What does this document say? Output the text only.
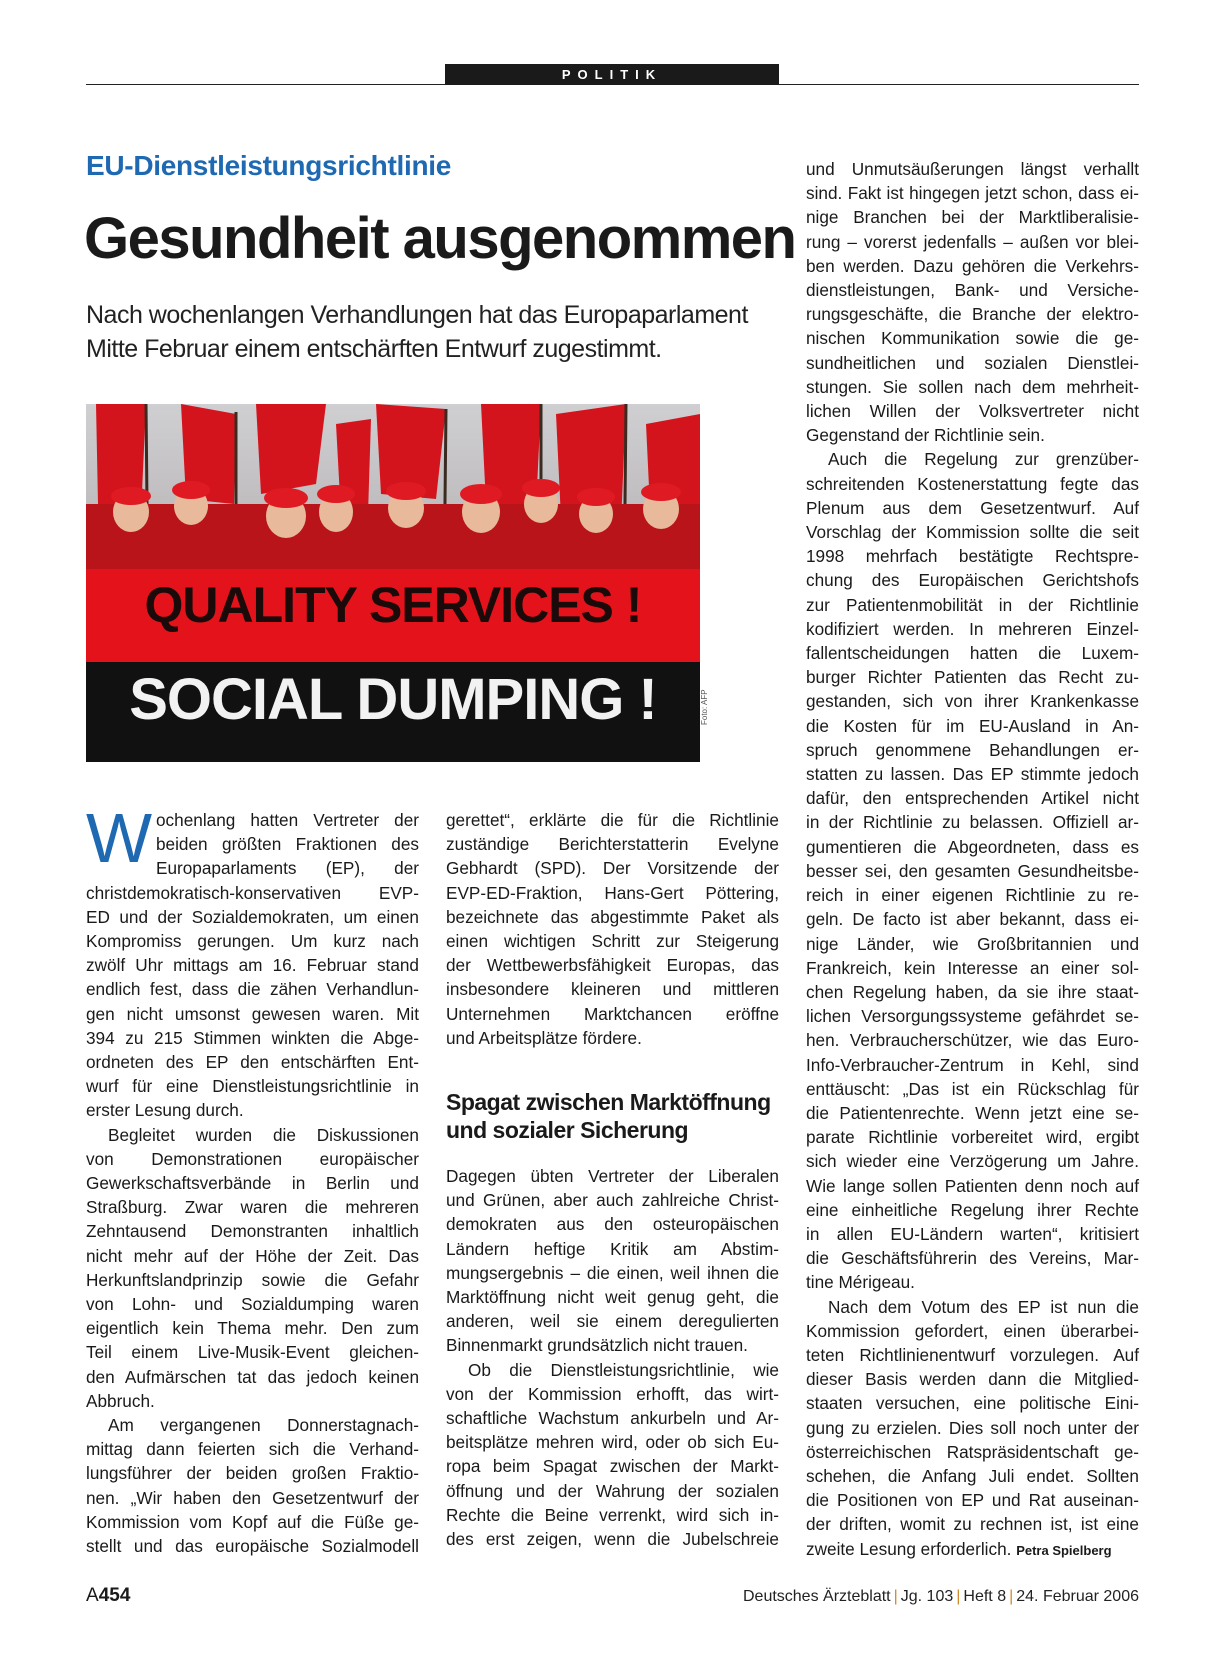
POLITIK
EU-Dienstleistungsrichtlinie
Gesundheit ausgenommen
Nach wochenlangen Verhandlungen hat das Europaparlament
Mitte Februar einem entschärften Entwurf zugestimmt.
QUALITY SERVICES !
SOCIAL DUMPING !	Foto: AFP
W ochenlang hatten Vertreter der
beiden größten Fraktionen des
Europaparlaments (EP), der
christdemokratisch-konservativen EVP-
ED und der Sozialdemokraten, um einen
Kompromiss gerungen. Um kurz nach
zwölf Uhr mittags am 16. Februar stand
endlich fest, dass die zähen Verhandlun-
gen nicht umsonst gewesen waren. Mit
394 zu 215 Stimmen winkten die Abge-
ordneten des EP den entschärften Ent-
wurf für eine Dienstleistungsrichtlinie in
erster Lesung durch.
Begleitet wurden die Diskussionen
von Demonstrationen europäischer
Gewerkschaftsverbände in Berlin und
Straßburg. Zwar waren die mehreren
Zehntausend Demonstranten inhaltlich
nicht mehr auf der Höhe der Zeit. Das
Herkunftslandprinzip sowie die Gefahr
von Lohn- und Sozialdumping waren
eigentlich kein Thema mehr. Den zum
Teil einem Live-Musik-Event gleichen-
den Aufmärschen tat das jedoch keinen
Abbruch.
Am vergangenen Donnerstagnach-
mittag dann feierten sich die Verhand-
lungsführer der beiden großen Fraktio-
nen. „Wir haben den Gesetzentwurf der
Kommission vom Kopf auf die Füße ge-
stellt und das europäische Sozialmodell
gerettet“, erklärte die für die Richtlinie
zuständige Berichterstatterin Evelyne
Gebhardt (SPD). Der Vorsitzende der
EVP-ED-Fraktion, Hans-Gert Pöttering,
bezeichnete das abgestimmte Paket als
einen wichtigen Schritt zur Steigerung
der Wettbewerbsfähigkeit Europas, das
insbesondere kleineren und mittleren
Unternehmen Marktchancen eröffne
und Arbeitsplätze fördere.
Spagat zwischen Marktöffnung
und sozialer Sicherung
Dagegen übten Vertreter der Liberalen
und Grünen, aber auch zahlreiche Christ-
demokraten aus den osteuropäischen
Ländern heftige Kritik am Abstim-
mungsergebnis – die einen, weil ihnen die
Marktöffnung nicht weit genug geht, die
anderen, weil sie einem deregulierten
Binnenmarkt grundsätzlich nicht trauen.
Ob die Dienstleistungsrichtlinie, wie
von der Kommission erhofft, das wirt-
schaftliche Wachstum ankurbeln und Ar-
beitsplätze mehren wird, oder ob sich Eu-
ropa beim Spagat zwischen der Markt-
öffnung und der Wahrung der sozialen
Rechte die Beine verrenkt, wird sich in-
des erst zeigen, wenn die Jubelschreie
und Unmutsäußerungen längst verhallt
sind. Fakt ist hingegen jetzt schon, dass ei-
nige Branchen bei der Marktliberalisie-
rung – vorerst jedenfalls – außen vor blei-
ben werden. Dazu gehören die Verkehrs-
dienstleistungen, Bank- und Versiche-
rungsgeschäfte, die Branche der elektro-
nischen Kommunikation sowie die ge-
sundheitlichen und sozialen Dienstlei-
stungen. Sie sollen nach dem mehrheit-
lichen Willen der Volksvertreter nicht
Gegenstand der Richtlinie sein.
Auch die Regelung zur grenzüber-
schreitenden Kostenerstattung fegte das
Plenum aus dem Gesetzentwurf. Auf
Vorschlag der Kommission sollte die seit
1998 mehrfach bestätigte Rechtspre-
chung des Europäischen Gerichtshofs
zur Patientenmobilität in der Richtlinie
kodifiziert werden. In mehreren Einzel-
fallentscheidungen hatten die Luxem-
burger Richter Patienten das Recht zu-
gestanden, sich von ihrer Krankenkasse
die Kosten für im EU-Ausland in An-
spruch genommene Behandlungen er-
statten zu lassen. Das EP stimmte jedoch
dafür, den entsprechenden Artikel nicht
in der Richtlinie zu belassen. Offiziell ar-
gumentieren die Abgeordneten, dass es
besser sei, den gesamten Gesundheitsbe-
reich in einer eigenen Richtlinie zu re-
geln. De facto ist aber bekannt, dass ei-
nige Länder, wie Großbritannien und
Frankreich, kein Interesse an einer sol-
chen Regelung haben, da sie ihre staat-
lichen Versorgungssysteme gefährdet se-
hen. Verbraucherschützer, wie das Euro-
Info-Verbraucher-Zentrum in Kehl, sind
enttäuscht: „Das ist ein Rückschlag für
die Patientenrechte. Wenn jetzt eine se-
parate Richtlinie vorbereitet wird, ergibt
sich wieder eine Verzögerung um Jahre.
Wie lange sollen Patienten denn noch auf
eine einheitliche Regelung ihrer Rechte
in allen EU-Ländern warten“, kritisiert
die Geschäftsführerin des Vereins, Mar-
tine Mérigeau.
Nach dem Votum des EP ist nun die
Kommission gefordert, einen überarbei-
teten Richtlinienentwurf vorzulegen. Auf
dieser Basis werden dann die Mitglied-
staaten versuchen, eine politische Eini-
gung zu erzielen. Dies soll noch unter der
österreichischen Ratspräsidentschaft ge-
schehen, die Anfang Juli endet. Sollten
die Positionen von EP und Rat auseinan-
der driften, womit zu rechnen ist, ist eine
zweite Lesung erforderlich. Petra Spielberg
A454	Deutsches Ärzteblatt | Jg. 103 | Heft 8 | 24. Februar 2006
